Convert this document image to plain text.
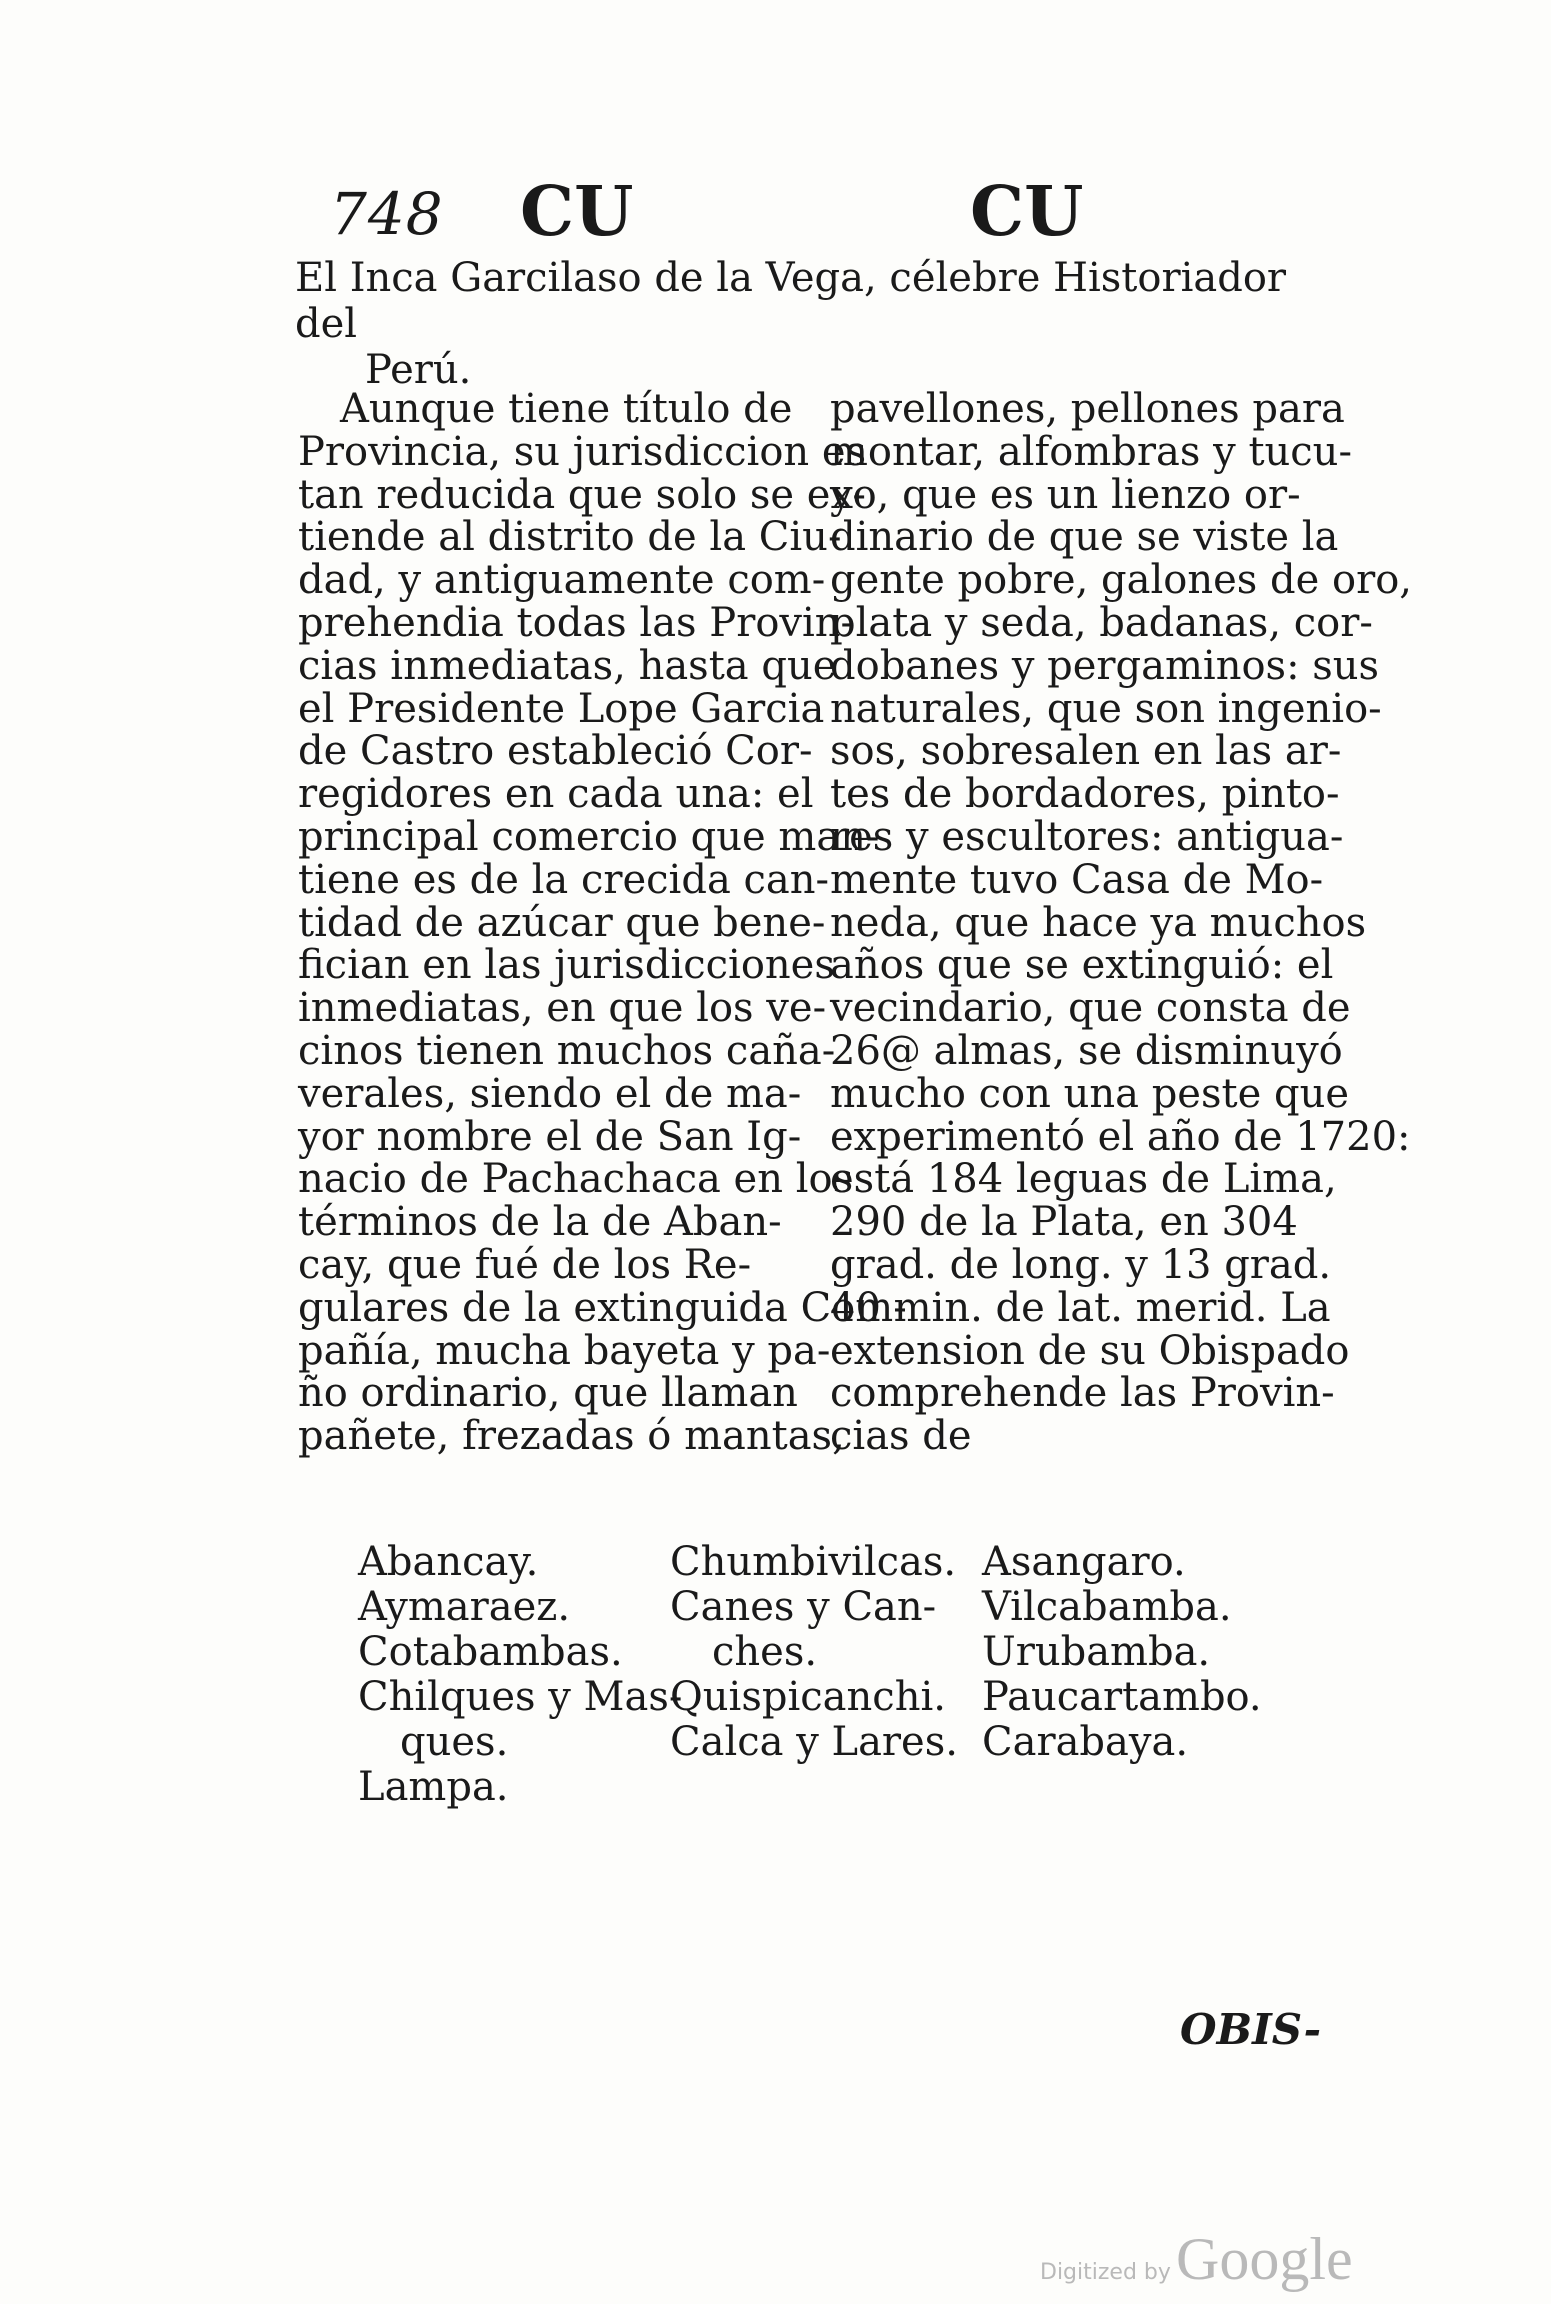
748 CU	CU
El Inca Garcilaso de la Vega, célebre Historiador del
Perú.
Aunque tiene título de
Provincia, su jurisdiccion es
tan reducida que solo se ex-
tiende al distrito de la Ciu-
dad, y antiguamente com-
prehendia todas las Provin-
cias inmediatas, hasta que
el Presidente Lope Garcia
de Castro estableció Cor-
regidores en cada una: el
principal comercio que man-
tiene es de la crecida can-
tidad de azúcar que bene-
fician en las jurisdicciones
inmediatas, en que los ve-
cinos tienen muchos caña-
verales, siendo el de ma-
yor nombre el de San Ig-
nacio de Pachachaca en los
términos de la de Aban-
cay, que fué de los Re-
gulares de la extinguida Com-
pañía, mucha bayeta y pa-
ño ordinario, que llaman
pañete, frezadas ó mantas,
pavellones, pellones para
montar, alfombras y tucu-
yo, que es un lienzo or-
dinario de que se viste la
gente pobre, galones de oro,
plata y seda, badanas, cor-
dobanes y pergaminos: sus
naturales, que son ingenio-
sos, sobresalen en las ar-
tes de bordadores, pinto-
res y escultores: antigua-
mente tuvo Casa de Mo-
neda, que hace ya muchos
años que se extinguió: el
vecindario, que consta de
26@ almas, se disminuyó
mucho con una peste que
experimentó el año de 1720:
está 184 leguas de Lima,
290 de la Plata, en 304
grad. de long. y 13 grad.
40 min. de lat. merid. La
extension de su Obispado
comprehende las Provin-
cias de
Abancay.
Aymaraez.
Cotabambas.
Chilques y Mas-
ques.
Lampa.
Chumbivilcas.
Canes y Can-
ches.
Quispicanchi.
Calca y Lares.
Asangaro.
Vilcabamba.
Urubamba.
Paucartambo.
Carabaya.
OBIS-
Digitized by Google
